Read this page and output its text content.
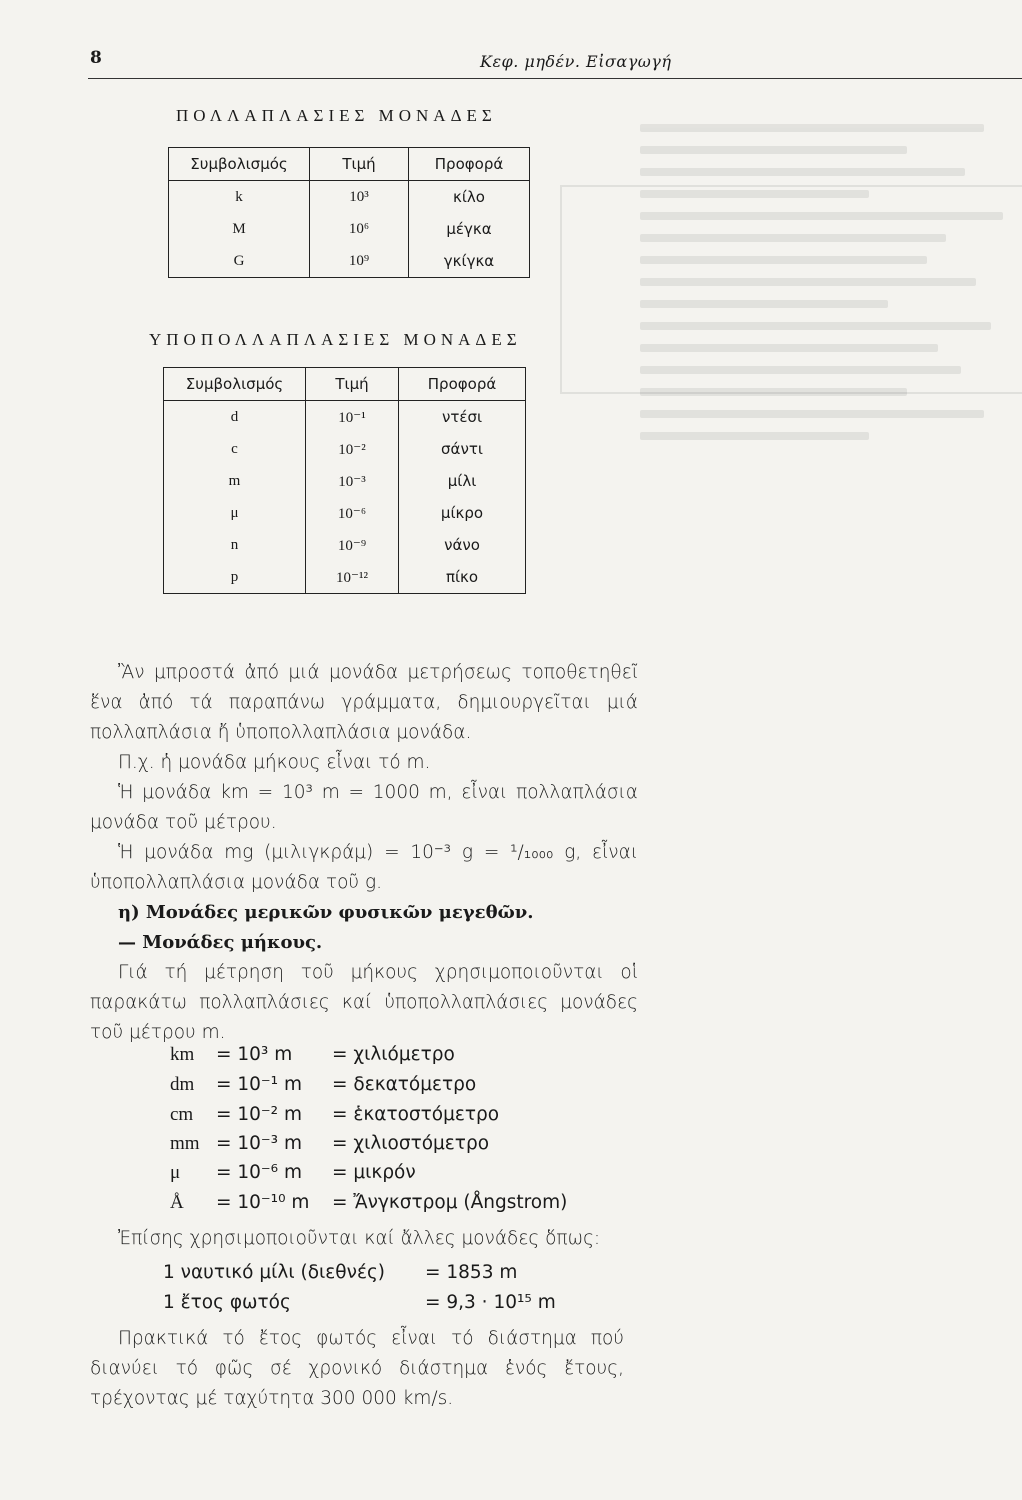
8	Κεφ. μηδέν. Εἰσαγωγή
ΠΟΛΛΑΠΛΑΣΙΕΣ ΜΟΝΑΔΕΣ
Συμβολισμός	Τιμή	Προφορά
k	10³	κίλο
M	10⁶	μέγκα
G	10⁹	γκίγκα
ΥΠΟΠΟΛΛΑΠΛΑΣΙΕΣ ΜΟΝΑΔΕΣ
Συμβολισμός	Τιμή	Προφορά
d	10⁻¹	ντέσι
c	10⁻²	σάντι
m	10⁻³	μίλι
μ	10⁻⁶	μίκρο
n	10⁻⁹	νάνο
p	10⁻¹²	πίκο
Ἂν μπροστά ἀπό μιά μονάδα μετρήσεως τοποθετηθεῖ ἕνα ἀπό τά παραπάνω γράμματα, δημιουργεῖται μιά πολλαπλάσια ἤ ὑποπολλαπλάσια μονάδα.
Π.χ. ἡ μονάδα μήκους εἶναι τό m.
Ἡ μονάδα km = 10³ m = 1000 m, εἶναι πολλαπλάσια μονάδα τοῦ μέτρου.
Ἡ μονάδα mg (μιλιγκράμ) = 10⁻³ g = ¹/₁₀₀₀ g, εἶναι ὑποπολλαπλάσια μονάδα τοῦ g.
η) Μονάδες μερικῶν φυσικῶν μεγεθῶν.
— Μονάδες μήκους.
Γιά τή μέτρηση τοῦ μήκους χρησιμοποιοῦνται οἱ παρακάτω πολλαπλάσιες καί ὑποπολλαπλάσιες μονάδες τοῦ μέτρου m.
km = 10³ m = χιλιόμετρο
dm = 10⁻¹ m = δεκατόμετρο
cm = 10⁻² m = ἑκατοστόμετρο
mm = 10⁻³ m = χιλιοστόμετρο
μ = 10⁻⁶ m = μικρόν
Å = 10⁻¹⁰ m = Ἄνγκστρομ (Ångstrom)
Ἐπίσης χρησιμοποιοῦνται καί ἄλλες μονάδες ὅπως:
1 ναυτικό μίλι (διεθνές) = 1853 m
1 ἔτος φωτός	= 9,3 · 10¹⁵ m
Πρακτικά τό ἔτος φωτός εἶναι τό διάστημα πού διανύει τό φῶς σέ χρονικό διάστημα ἑνός ἔτους, τρέχοντας μέ ταχύτητα 300 000 km/s.
